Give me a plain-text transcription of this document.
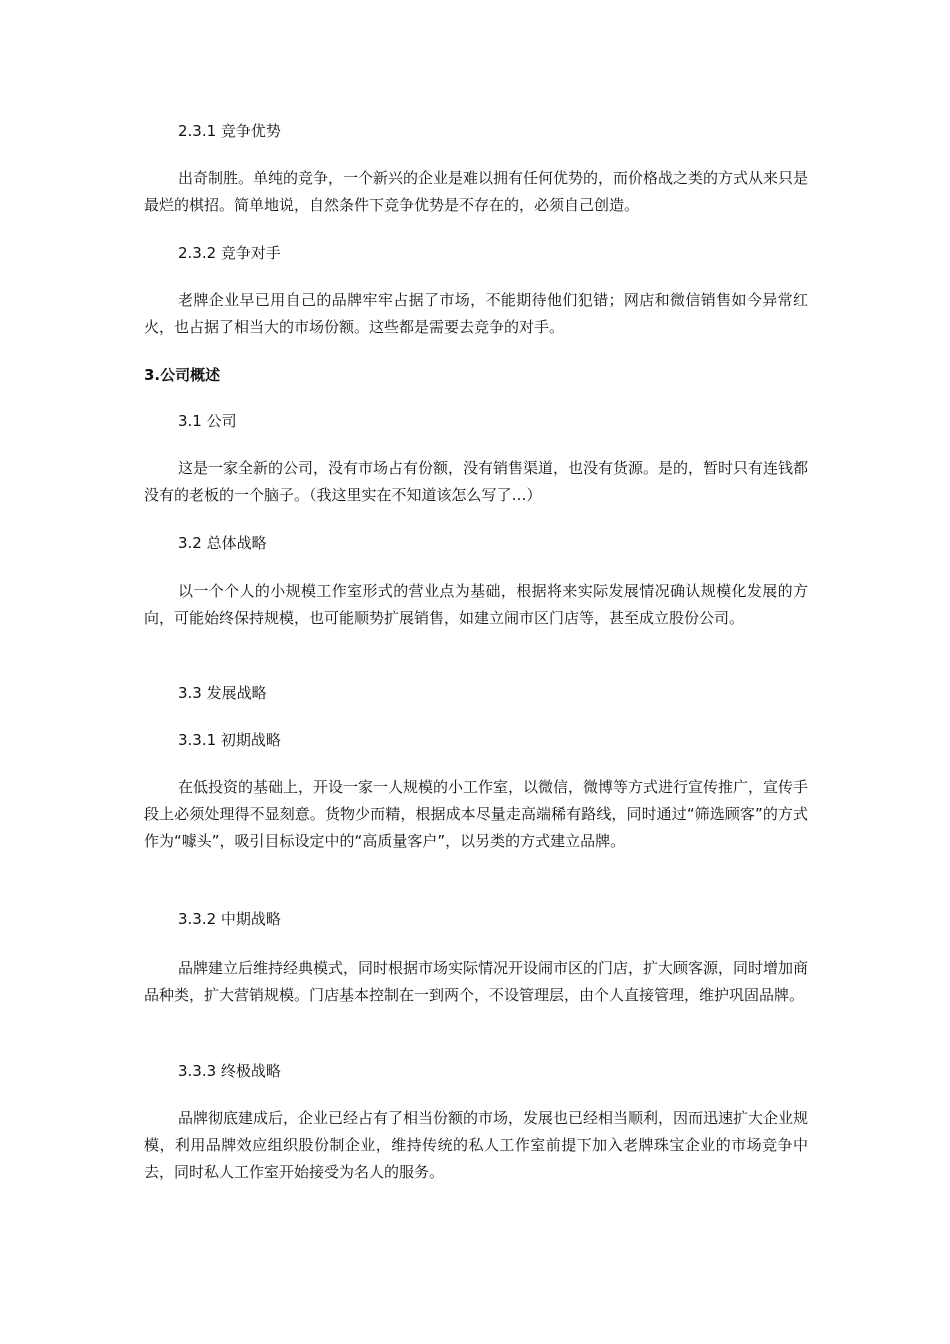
2.3.1 竞争优势

出奇制胜。单纯的竞争，一个新兴的企业是难以拥有任何优势的，而价格战之类的方式从来只是最烂的棋招。简单地说，自然条件下竞争优势是不存在的，必须自己创造。

2.3.2 竞争对手

老牌企业早已用自己的品牌牢牢占据了市场，不能期待他们犯错；网店和微信销售如今异常红火，也占据了相当大的市场份额。这些都是需要去竞争的对手。

3.公司概述

3.1 公司

这是一家全新的公司，没有市场占有份额，没有销售渠道，也没有货源。是的，暂时只有连钱都没有的老板的一个脑子。（我这里实在不知道该怎么写了…）

3.2 总体战略

以一个个人的小规模工作室形式的营业点为基础，根据将来实际发展情况确认规模化发展的方向，可能始终保持规模，也可能顺势扩展销售，如建立闹市区门店等，甚至成立股份公司。

3.3 发展战略

3.3.1 初期战略

在低投资的基础上，开设一家一人规模的小工作室，以微信，微博等方式进行宣传推广，宣传手段上必须处理得不显刻意。货物少而精，根据成本尽量走高端稀有路线，同时通过“筛选顾客”的方式作为“噱头”，吸引目标设定中的“高质量客户”，以另类的方式建立品牌。

3.3.2 中期战略

品牌建立后维持经典模式，同时根据市场实际情况开设闹市区的门店，扩大顾客源，同时增加商品种类，扩大营销规模。门店基本控制在一到两个，不设管理层，由个人直接管理，维护巩固品牌。

3.3.3 终极战略

品牌彻底建成后，企业已经占有了相当份额的市场，发展也已经相当顺利，因而迅速扩大企业规模，利用品牌效应组织股份制企业，维持传统的私人工作室前提下加入老牌珠宝企业的市场竞争中去，同时私人工作室开始接受为名人的服务。
